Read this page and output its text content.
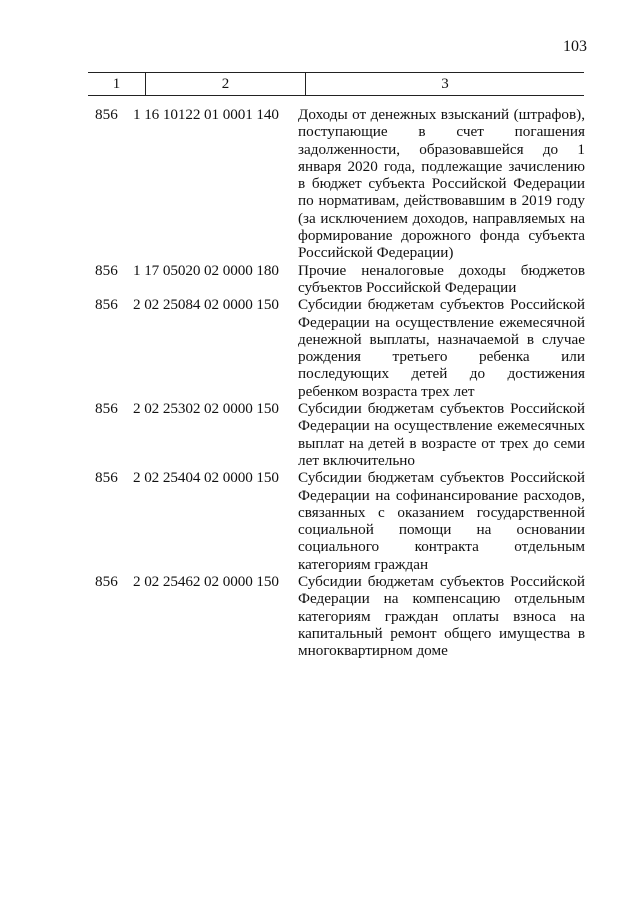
103
1	2	3
856	1 16 10122 01 0001 140	Доходы от денежных взысканий (штрафов), поступающие в счет погашения задолженности, образовавшейся до 1 января 2020 года, подлежащие зачислению в бюджет субъекта Российской Федерации по нормативам, действовавшим в 2019 году (за исключением доходов, направляемых на формирование дорожного фонда субъекта Российской Федерации)
856	1 17 05020 02 0000 180	Прочие неналоговые доходы бюджетов субъектов Российской Федерации
856	2 02 25084 02 0000 150	Субсидии бюджетам субъектов Российской Федерации на осуществление ежемесячной денежной выплаты, назначаемой в случае рождения третьего ребенка или последующих детей до достижения ребенком возраста трех лет
856	2 02 25302 02 0000 150	Субсидии бюджетам субъектов Российской Федерации на осуществление ежемесячных выплат на детей в возрасте от трех до семи лет включительно
856	2 02 25404 02 0000 150	Субсидии бюджетам субъектов Российской Федерации на софинансирование расходов, связанных с оказанием государственной социальной помощи на основании социального контракта отдельным категориям граждан
856	2 02 25462 02 0000 150	Субсидии бюджетам субъектов Российской Федерации на компенсацию отдельным категориям граждан оплаты взноса на капитальный ремонт общего имущества в многоквартирном доме
